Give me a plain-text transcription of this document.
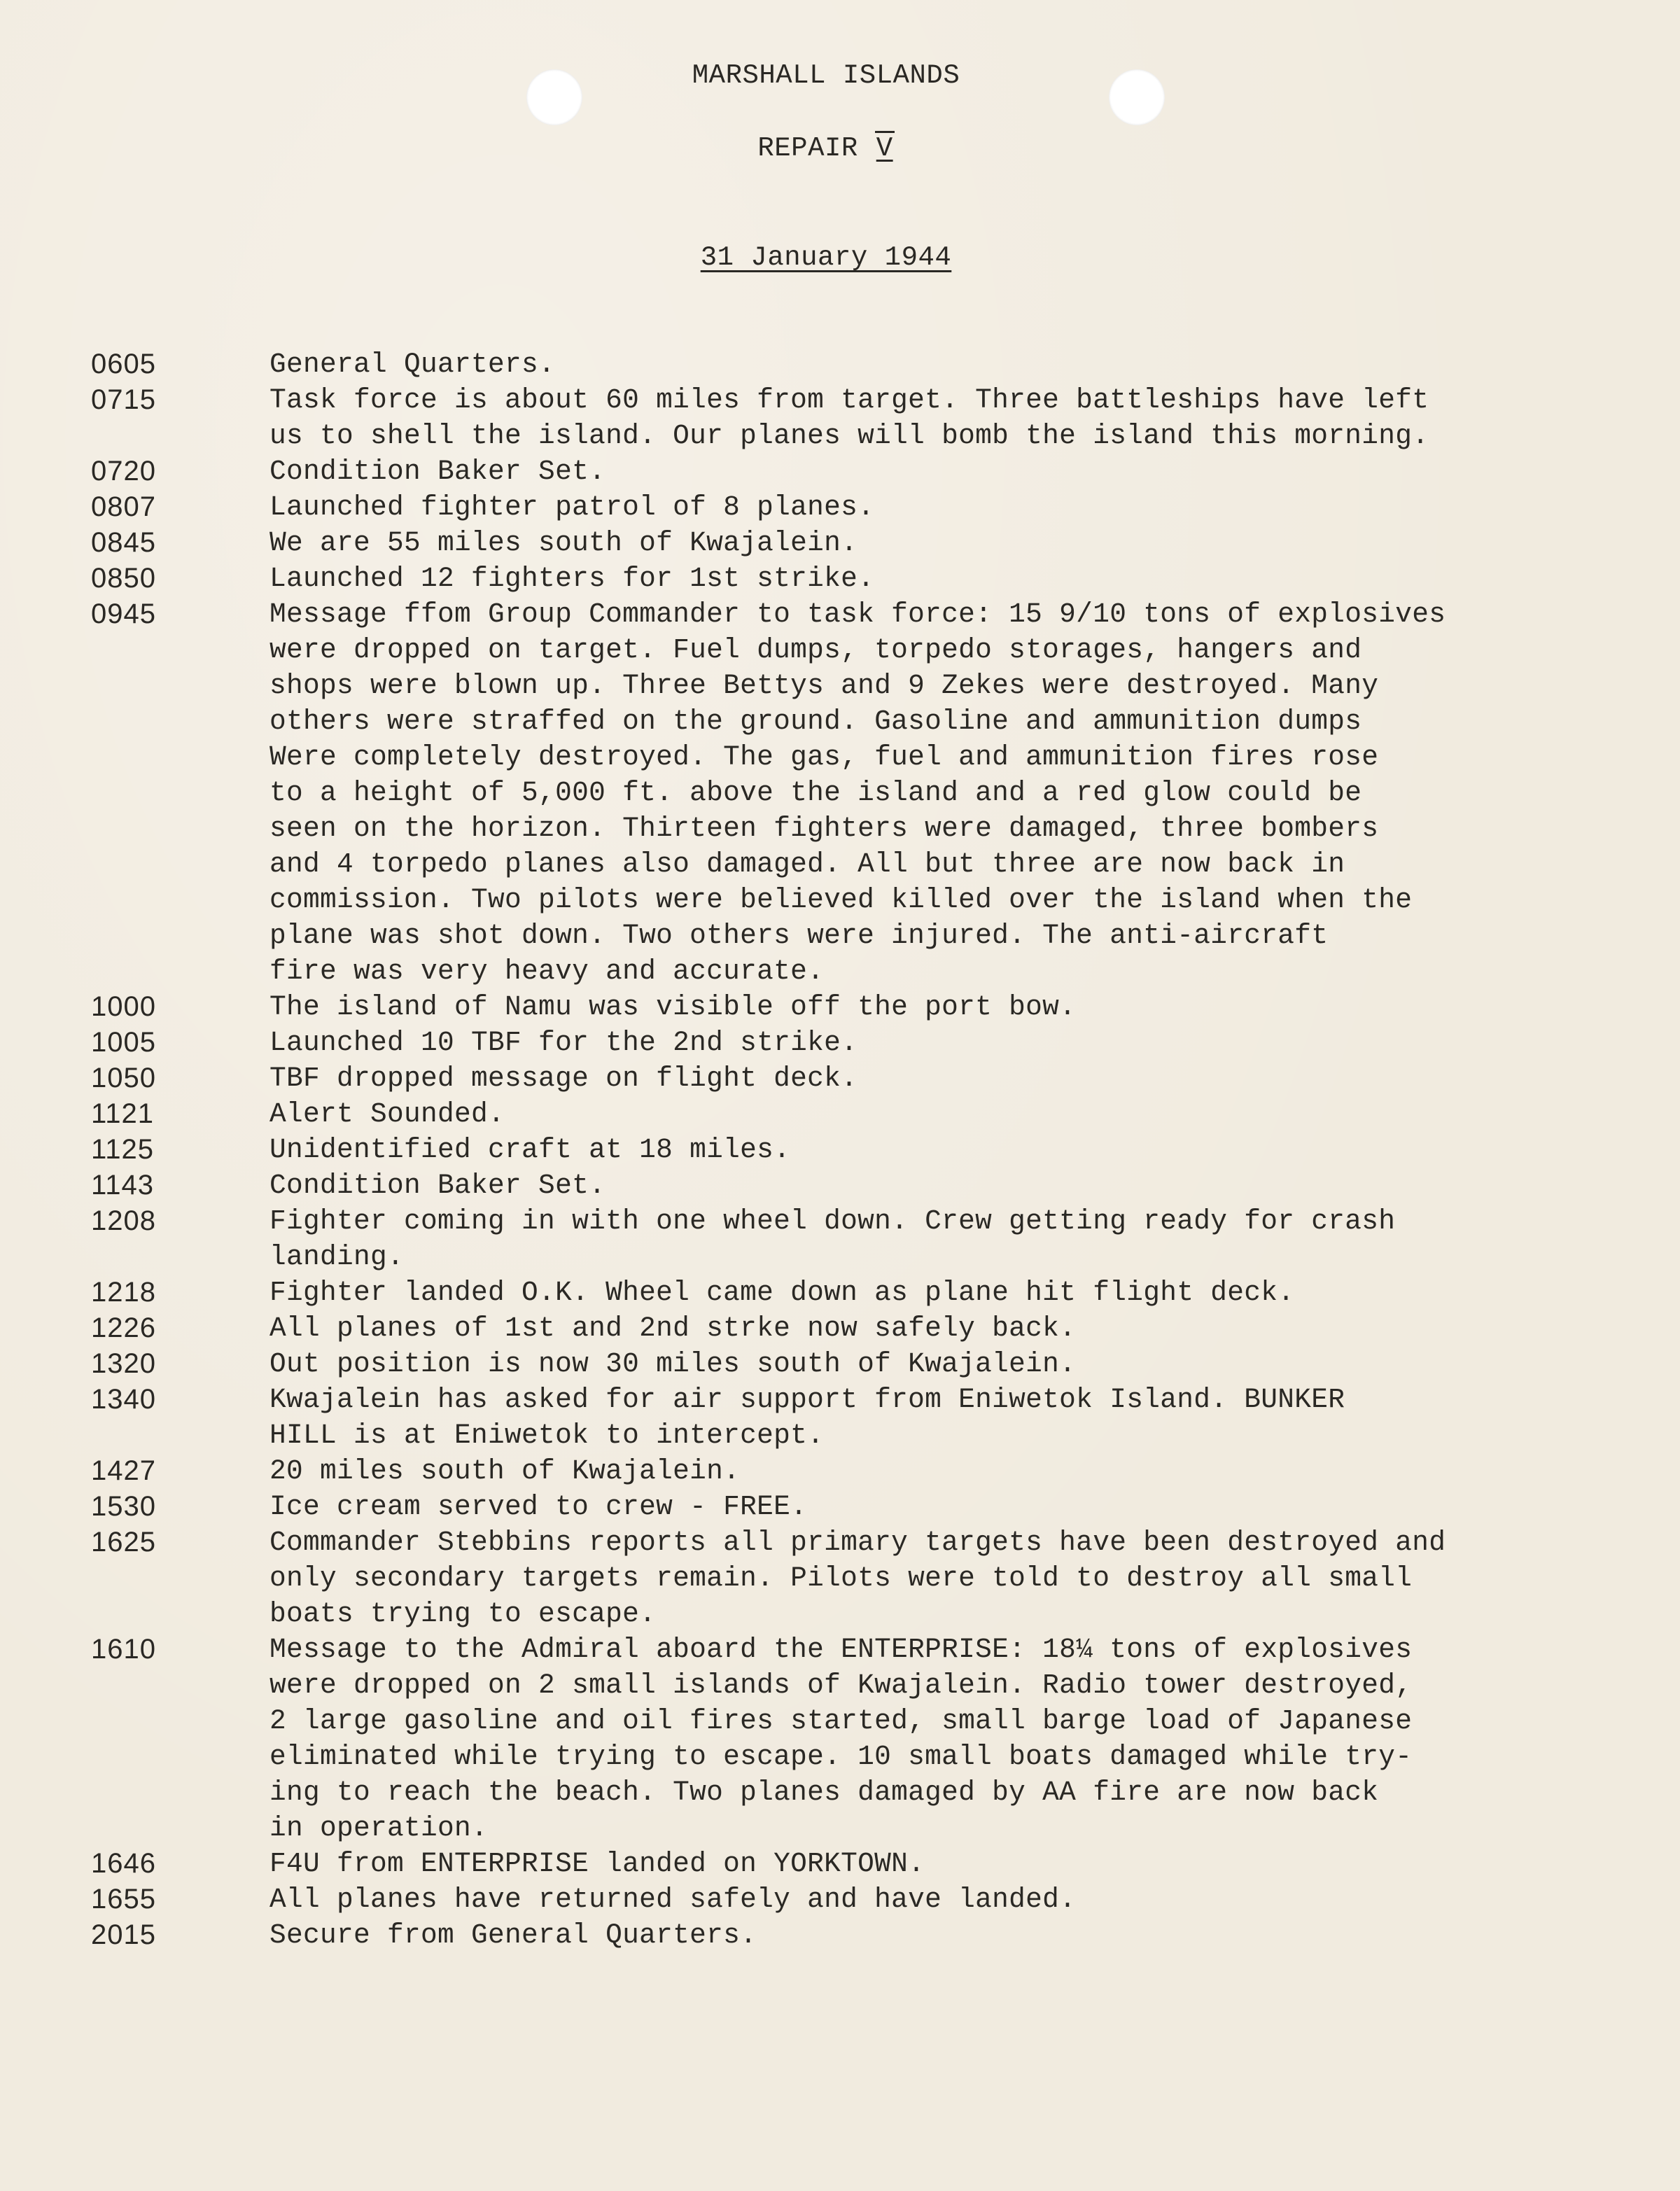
MARSHALL ISLANDS
REPAIR V
31 January 1944
0605	General Quarters.
0715	Task force is about 60 miles from target. Three battleships have left
us to shell the island. Our planes will bomb the island this morning.
0720	Condition Baker Set.
0807	Launched fighter patrol of 8 planes.
0845	We are 55 miles south of Kwajalein.
0850	Launched 12 fighters for 1st strike.
0945	Message ffom Group Commander to task force: 15 9/10 tons of explosives
were dropped on target. Fuel dumps, torpedo storages, hangers and
shops were blown up. Three Bettys and 9 Zekes were destroyed. Many
others were straffed on the ground. Gasoline and ammunition dumps
Were completely destroyed. The gas, fuel and ammunition fires rose
to a height of 5,000 ft. above the island and a red glow could be
seen on the horizon. Thirteen fighters were damaged, three bombers
and 4 torpedo planes also damaged. All but three are now back in
commission. Two pilots were believed killed over the island when the
plane was shot down. Two others were injured. The anti-aircraft
fire was very heavy and accurate.
1000	The island of Namu was visible off the port bow.
1005	Launched 10 TBF for the 2nd strike.
1050	TBF dropped message on flight deck.
1121	Alert Sounded.
1125	Unidentified craft at 18 miles.
1143	Condition Baker Set.
1208	Fighter coming in with one wheel down. Crew getting ready for crash
landing.
1218	Fighter landed O.K. Wheel came down as plane hit flight deck.
1226	All planes of 1st and 2nd strke now safely back.
1320	Out position is now 30 miles south of Kwajalein.
1340	Kwajalein has asked for air support from Eniwetok Island. BUNKER
HILL is at Eniwetok to intercept.
1427	20 miles south of Kwajalein.
1530	Ice cream served to crew - FREE.
1625	Commander Stebbins reports all primary targets have been destroyed and
only secondary targets remain. Pilots were told to destroy all small
boats trying to escape.
1610	Message to the Admiral aboard the ENTERPRISE: 18¼ tons of explosives
were dropped on 2 small islands of Kwajalein. Radio tower destroyed,
2 large gasoline and oil fires started, small barge load of Japanese
eliminated while trying to escape. 10 small boats damaged while try-
ing to reach the beach. Two planes damaged by AA fire are now back
in operation.
1646	F4U from ENTERPRISE landed on YORKTOWN.
1655	All planes have returned safely and have landed.
2015	Secure from General Quarters.
